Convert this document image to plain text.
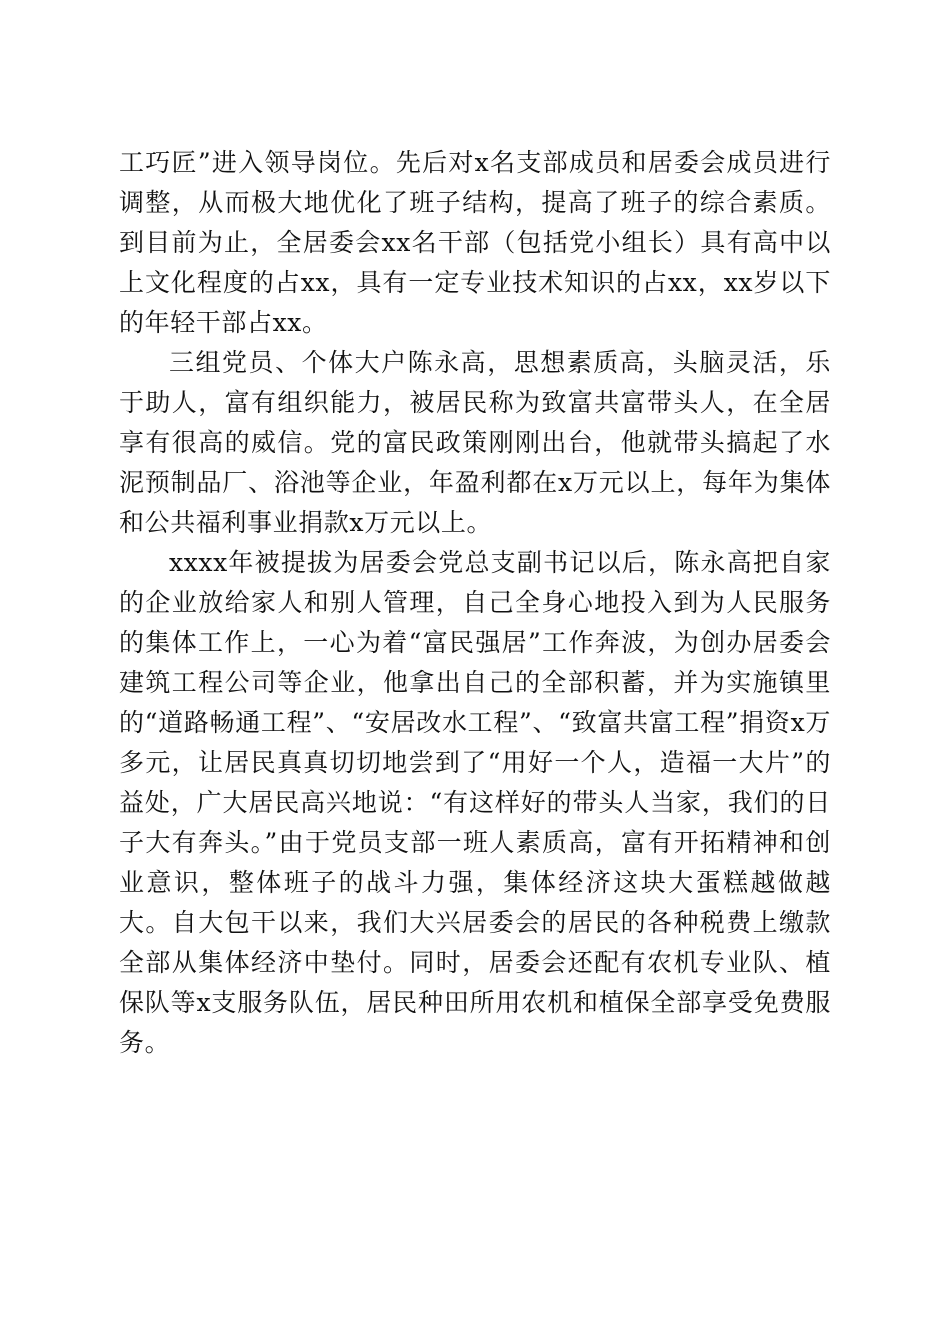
工巧匠”进入领导岗位。先后对x名支部成员和居委会成员进行调整，从而极大地优化了班子结构，提高了班子的综合素质。到目前为止，全居委会xx名干部（包括党小组长）具有高中以上文化程度的占xx，具有一定专业技术知识的占xx，xx岁以下的年轻干部占xx。

三组党员、个体大户陈永高，思想素质高，头脑灵活，乐于助人，富有组织能力，被居民称为致富共富带头人，在全居享有很高的威信。党的富民政策刚刚出台，他就带头搞起了水泥预制品厂、浴池等企业，年盈利都在x万元以上，每年为集体和公共福利事业捐款x万元以上。

xxxx年被提拔为居委会党总支副书记以后，陈永高把自家的企业放给家人和别人管理，自己全身心地投入到为人民服务的集体工作上，一心为着“富民强居”工作奔波，为创办居委会建筑工程公司等企业，他拿出自己的全部积蓄，并为实施镇里的“道路畅通工程”、“安居改水工程”、“致富共富工程”捐资x万多元，让居民真真切切地尝到了“用好一个人，造福一大片”的益处，广大居民高兴地说：“有这样好的带头人当家，我们的日子大有奔头。”由于党员支部一班人素质高，富有开拓精神和创业意识，整体班子的战斗力强，集体经济这块大蛋糕越做越大。自大包干以来，我们大兴居委会的居民的各种税费上缴款全部从集体经济中垫付。同时，居委会还配有农机专业队、植保队等x支服务队伍，居民种田所用农机和植保全部享受免费服务。
